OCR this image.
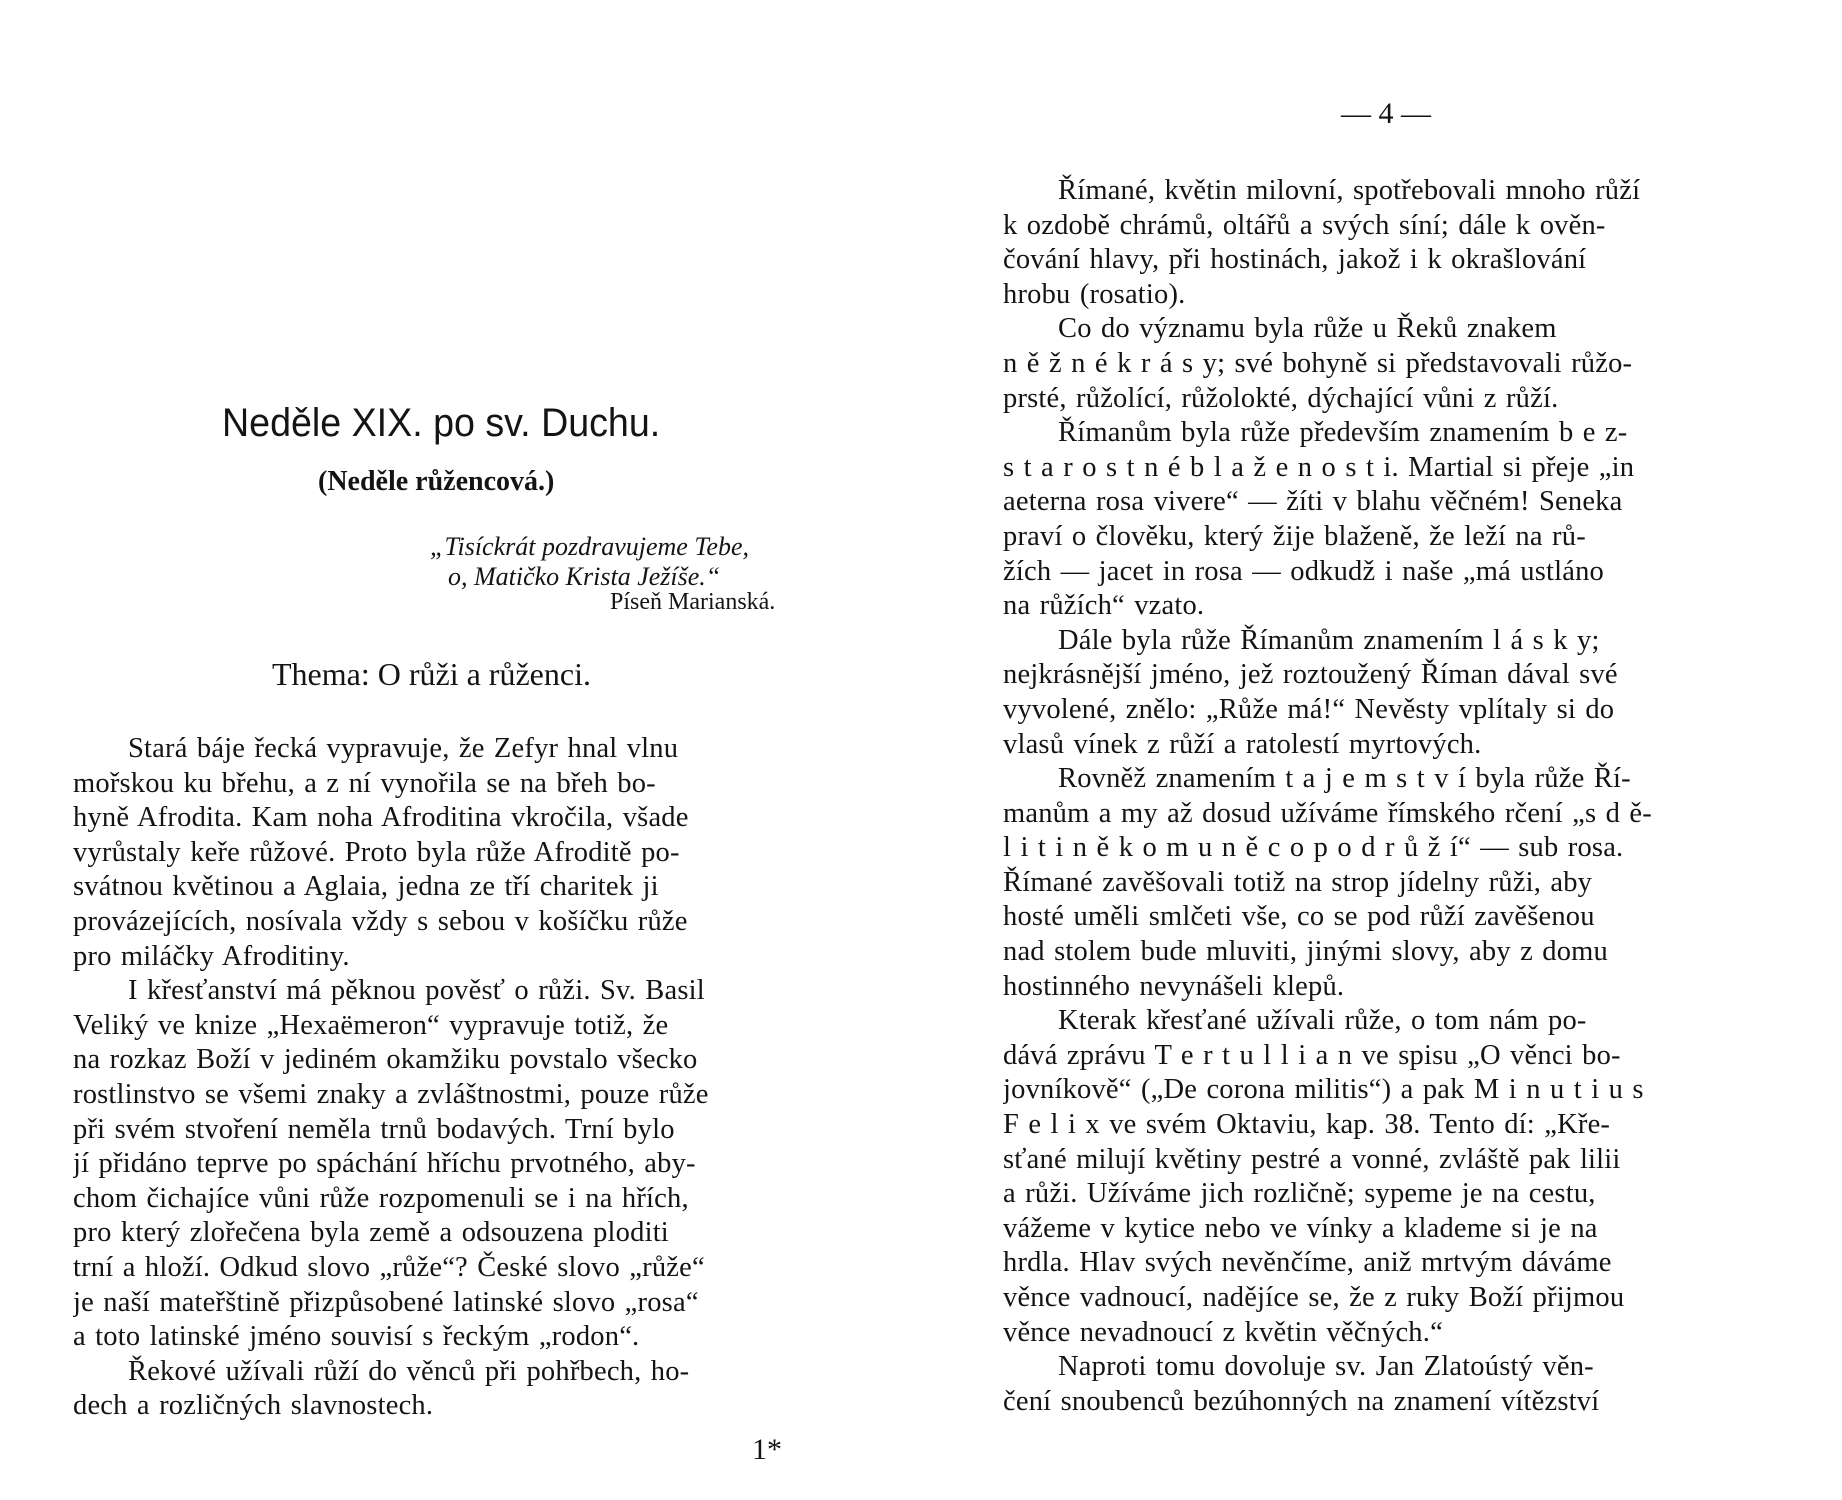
Neděle XIX. po sv. Duchu.
(Neděle růžencová.)
„Tisíckrát pozdravujeme Tebe,
o, Matičko Krista Ježíše.“
Píseň Marianská.
Thema: O růži a růženci.
Stará báje řecká vypravuje, že Zefyr hnal vlnu
mořskou ku břehu, a z ní vynořila se na břeh bo-
hyně Afrodita. Kam noha Afroditina vkročila, všade
vyrůstaly keře růžové. Proto byla růže Afroditě po-
svátnou květinou a Aglaia, jedna ze tří charitek ji
provázejících, nosívala vždy s sebou v košíčku růže
pro miláčky Afroditiny.
I křesťanství má pěknou pověsť o růži. Sv. Basil
Veliký ve knize „Hexaëmeron“ vypravuje totiž, že
na rozkaz Boží v jediném okamžiku povstalo všecko
rostlinstvo se všemi znaky a zvláštnostmi, pouze růže
při svém stvoření neměla trnů bodavých. Trní bylo
jí přidáno teprve po spáchání hříchu prvotného, aby-
chom čichajíce vůni růže rozpomenuli se i na hřích,
pro který zlořečena byla země a odsouzena ploditi
trní a hloží. Odkud slovo „růže“? České slovo „růže“
je naší mateřštině přizpůsobené latinské slovo „rosa“
a toto latinské jméno souvisí s řeckým „rodon“.
Řekové užívali růží do věnců při pohřbech, ho-
dech a rozličných slavnostech.
1*
— 4 —
Římané, květin milovní, spotřebovali mnoho růží
k ozdobě chrámů, oltářů a svých síní; dále k ověn-
čování hlavy, při hostinách, jakož i k okrašlování
hrobu (rosatio).
Co do významu byla růže u Řeků znakem
n ě ž n é k r á s y; své bohyně si představovali růžo-
prsté, růžolící, růžolokté, dýchající vůni z růží.
Římanům byla růže především znamením b e z-
s t a r o s t n é b l a ž e n o s t i. Martial si přeje „in
aeterna rosa vivere“ — žíti v blahu věčném! Seneka
praví o člověku, který žije blaženě, že leží na rů-
žích — jacet in rosa — odkudž i naše „má ustláno
na růžích“ vzato.
Dále byla růže Římanům znamením l á s k y;
nejkrásnější jméno, jež roztoužený Říman dával své
vyvolené, znělo: „Růže má!“ Nevěsty vplítaly si do
vlasů vínek z růží a ratolestí myrtových.
Rovněž znamením t a j e m s t v í byla růže Ří-
manům a my až dosud užíváme římského rčení „s d ě-
l i t i n ě k o m u n ě c o p o d r ů ž í“ — sub rosa.
Římané zavěšovali totiž na strop jídelny růži, aby
hosté uměli smlčeti vše, co se pod růží zavěšenou
nad stolem bude mluviti, jinými slovy, aby z domu
hostinného nevynášeli klepů.
Kterak křesťané užívali růže, o tom nám po-
dává zprávu T e r t u l l i a n ve spisu „O věnci bo-
jovníkově“ („De corona militis“) a pak M i n u t i u s
F e l i x ve svém Oktaviu, kap. 38. Tento dí: „Kře-
sťané milují květiny pestré a vonné, zvláště pak lilii
a růži. Užíváme jich rozličně; sypeme je na cestu,
vážeme v kytice nebo ve vínky a klademe si je na
hrdla. Hlav svých nevěnčíme, aniž mrtvým dáváme
věnce vadnoucí, nadějíce se, že z ruky Boží přijmou
věnce nevadnoucí z květin věčných.“
Naproti tomu dovoluje sv. Jan Zlatoústý věn-
čení snoubenců bezúhonných na znamení vítězství
